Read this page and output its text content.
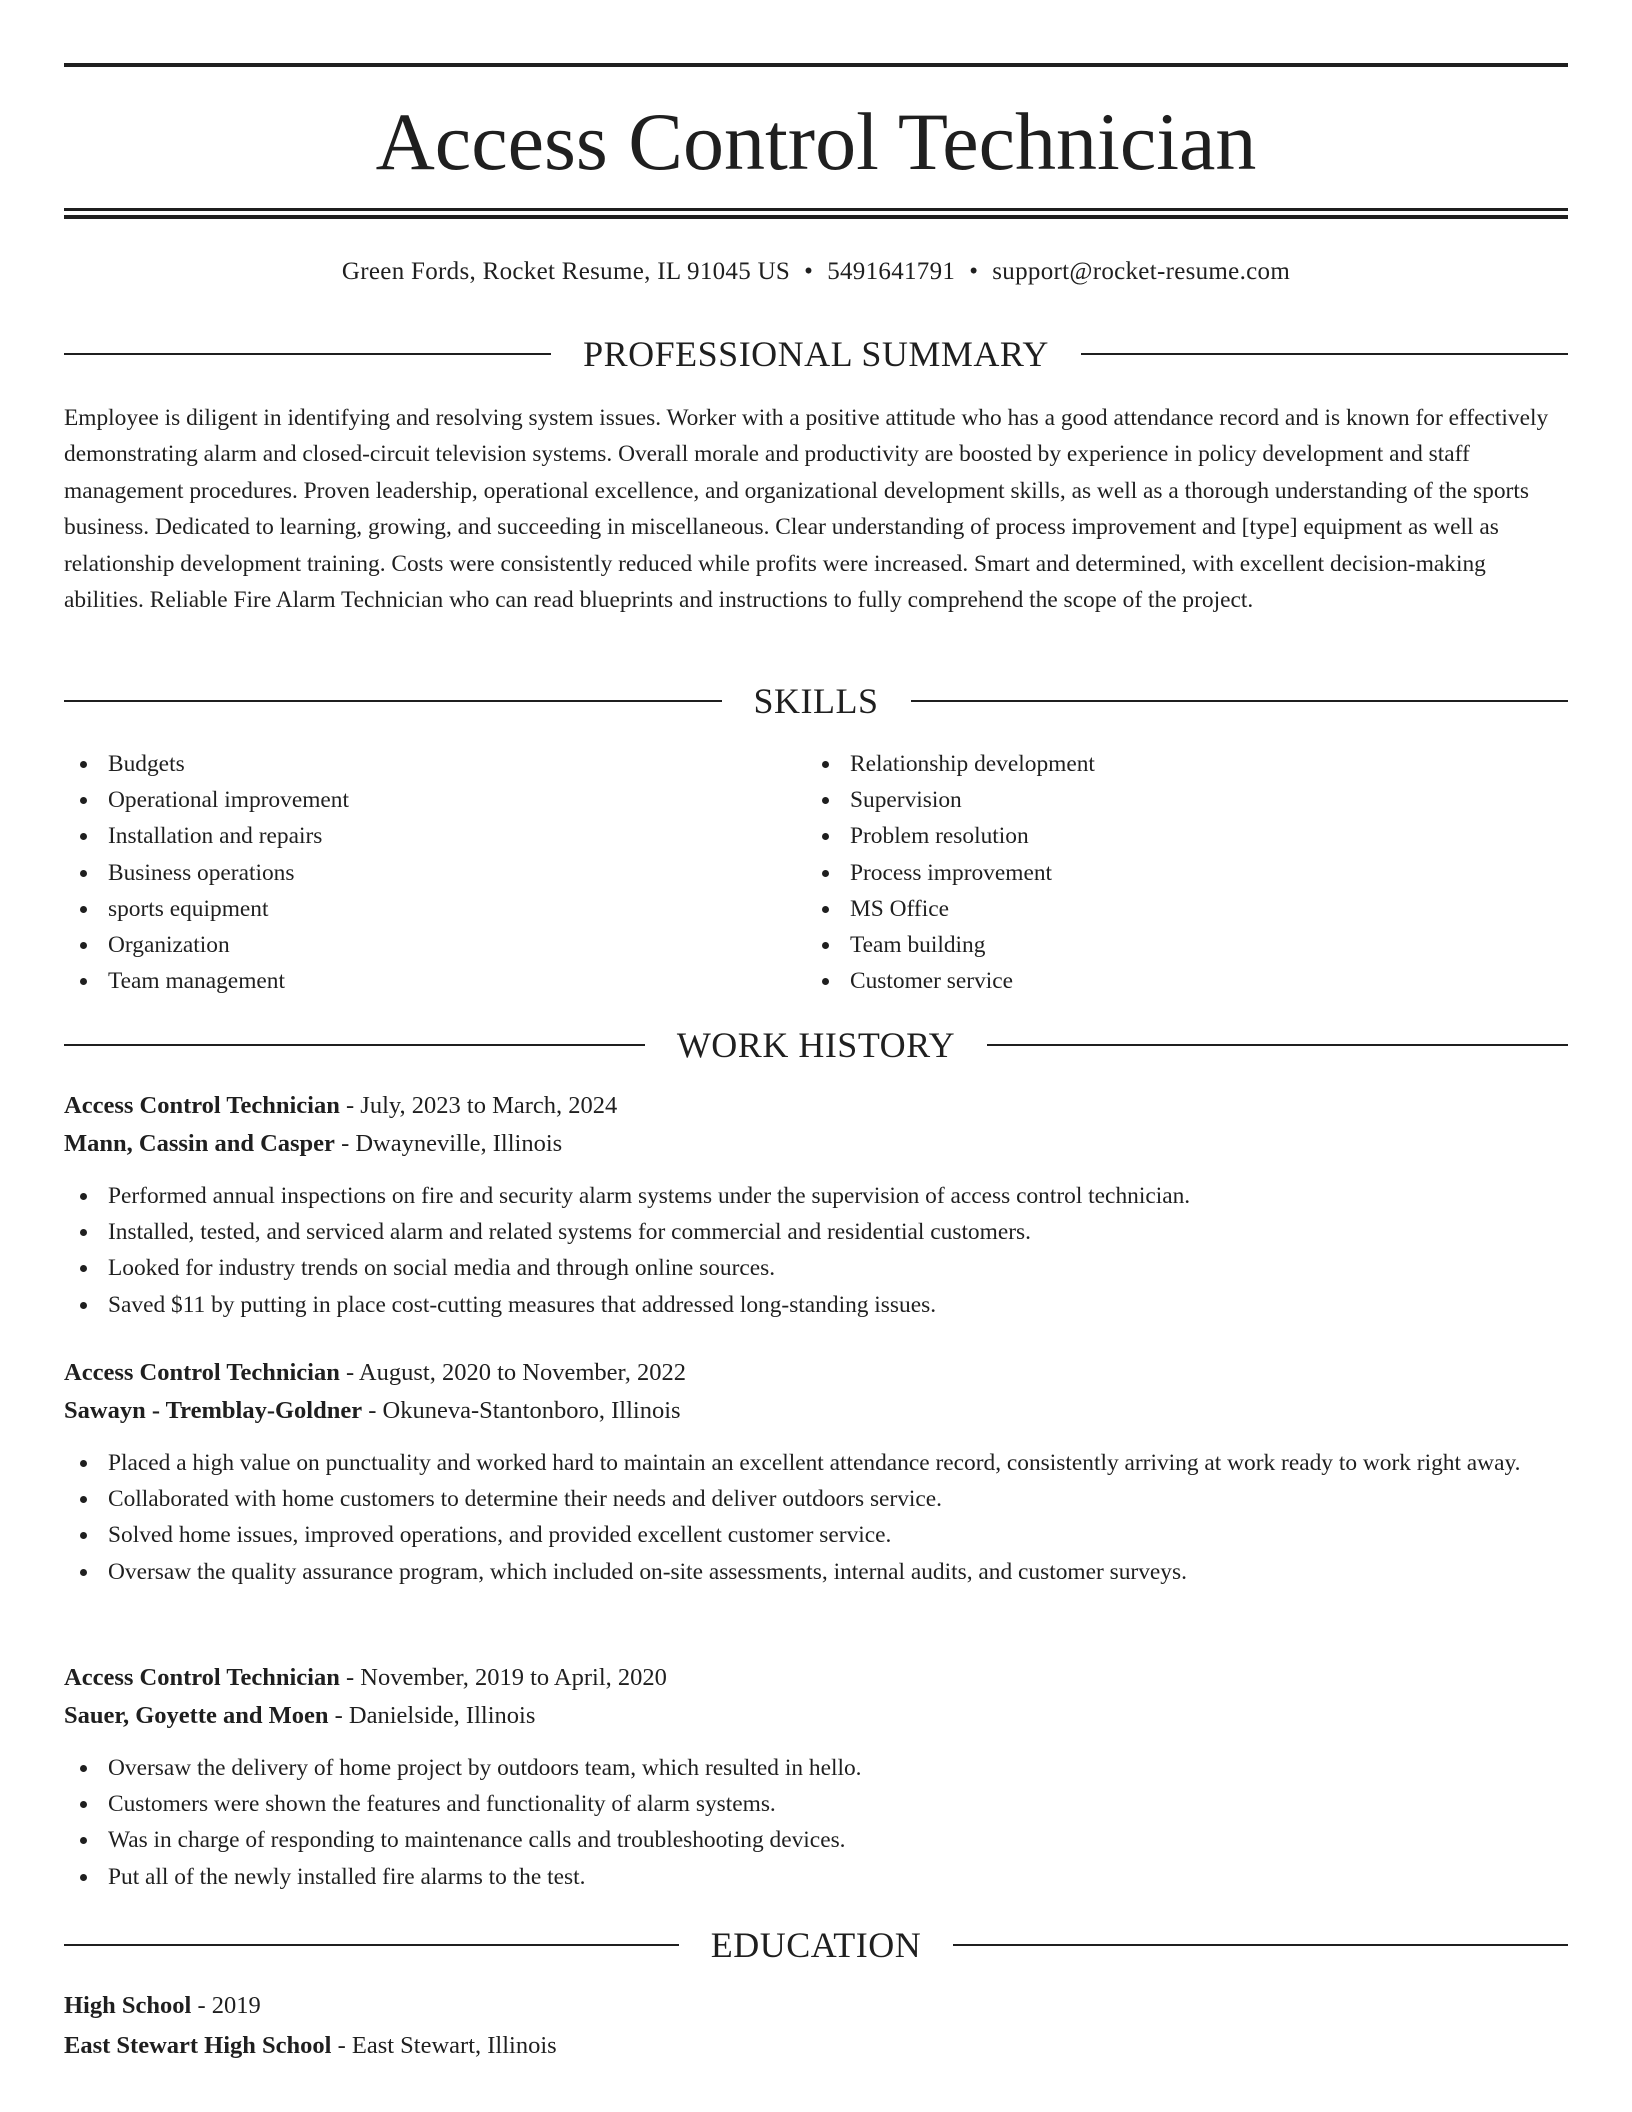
Access Control Technician
Green Fords, Rocket Resume, IL 91045 US • 5491641791 • support@rocket-resume.com
PROFESSIONAL SUMMARY

Employee is diligent in identifying and resolving system issues. Worker with a positive attitude who has a good attendance record and is known for effectively demonstrating alarm and closed-circuit television systems. Overall morale and productivity are boosted by experience in policy development and staff management procedures. Proven leadership, operational excellence, and organizational development skills, as well as a thorough understanding of the sports business. Dedicated to learning, growing, and succeeding in miscellaneous. Clear understanding of process improvement and [type] equipment as well as relationship development training. Costs were consistently reduced while profits were increased. Smart and determined, with excellent decision-making abilities. Reliable Fire Alarm Technician who can read blueprints and instructions to fully comprehend the scope of the project.

SKILLS
Budgets
Operational improvement
Installation and repairs
Business operations
sports equipment
Organization
Team management
Relationship development
Supervision
Problem resolution
Process improvement
MS Office
Team building
Customer service
WORK HISTORY
Access Control Technician - July, 2023 to March, 2024
Mann, Cassin and Casper - Dwayneville, Illinois
Performed annual inspections on fire and security alarm systems under the supervision of access control technician.
Installed, tested, and serviced alarm and related systems for commercial and residential customers.
Looked for industry trends on social media and through online sources.
Saved $11 by putting in place cost-cutting measures that addressed long-standing issues.
Access Control Technician - August, 2020 to November, 2022
Sawayn - Tremblay-Goldner - Okuneva-Stantonboro, Illinois
Placed a high value on punctuality and worked hard to maintain an excellent attendance record, consistently arriving at work ready to work right away.
Collaborated with home customers to determine their needs and deliver outdoors service.
Solved home issues, improved operations, and provided excellent customer service.
Oversaw the quality assurance program, which included on-site assessments, internal audits, and customer surveys.
Access Control Technician - November, 2019 to April, 2020
Sauer, Goyette and Moen - Danielside, Illinois
Oversaw the delivery of home project by outdoors team, which resulted in hello.
Customers were shown the features and functionality of alarm systems.
Was in charge of responding to maintenance calls and troubleshooting devices.
Put all of the newly installed fire alarms to the test.
EDUCATION
High School - 2019
East Stewart High School - East Stewart, Illinois
